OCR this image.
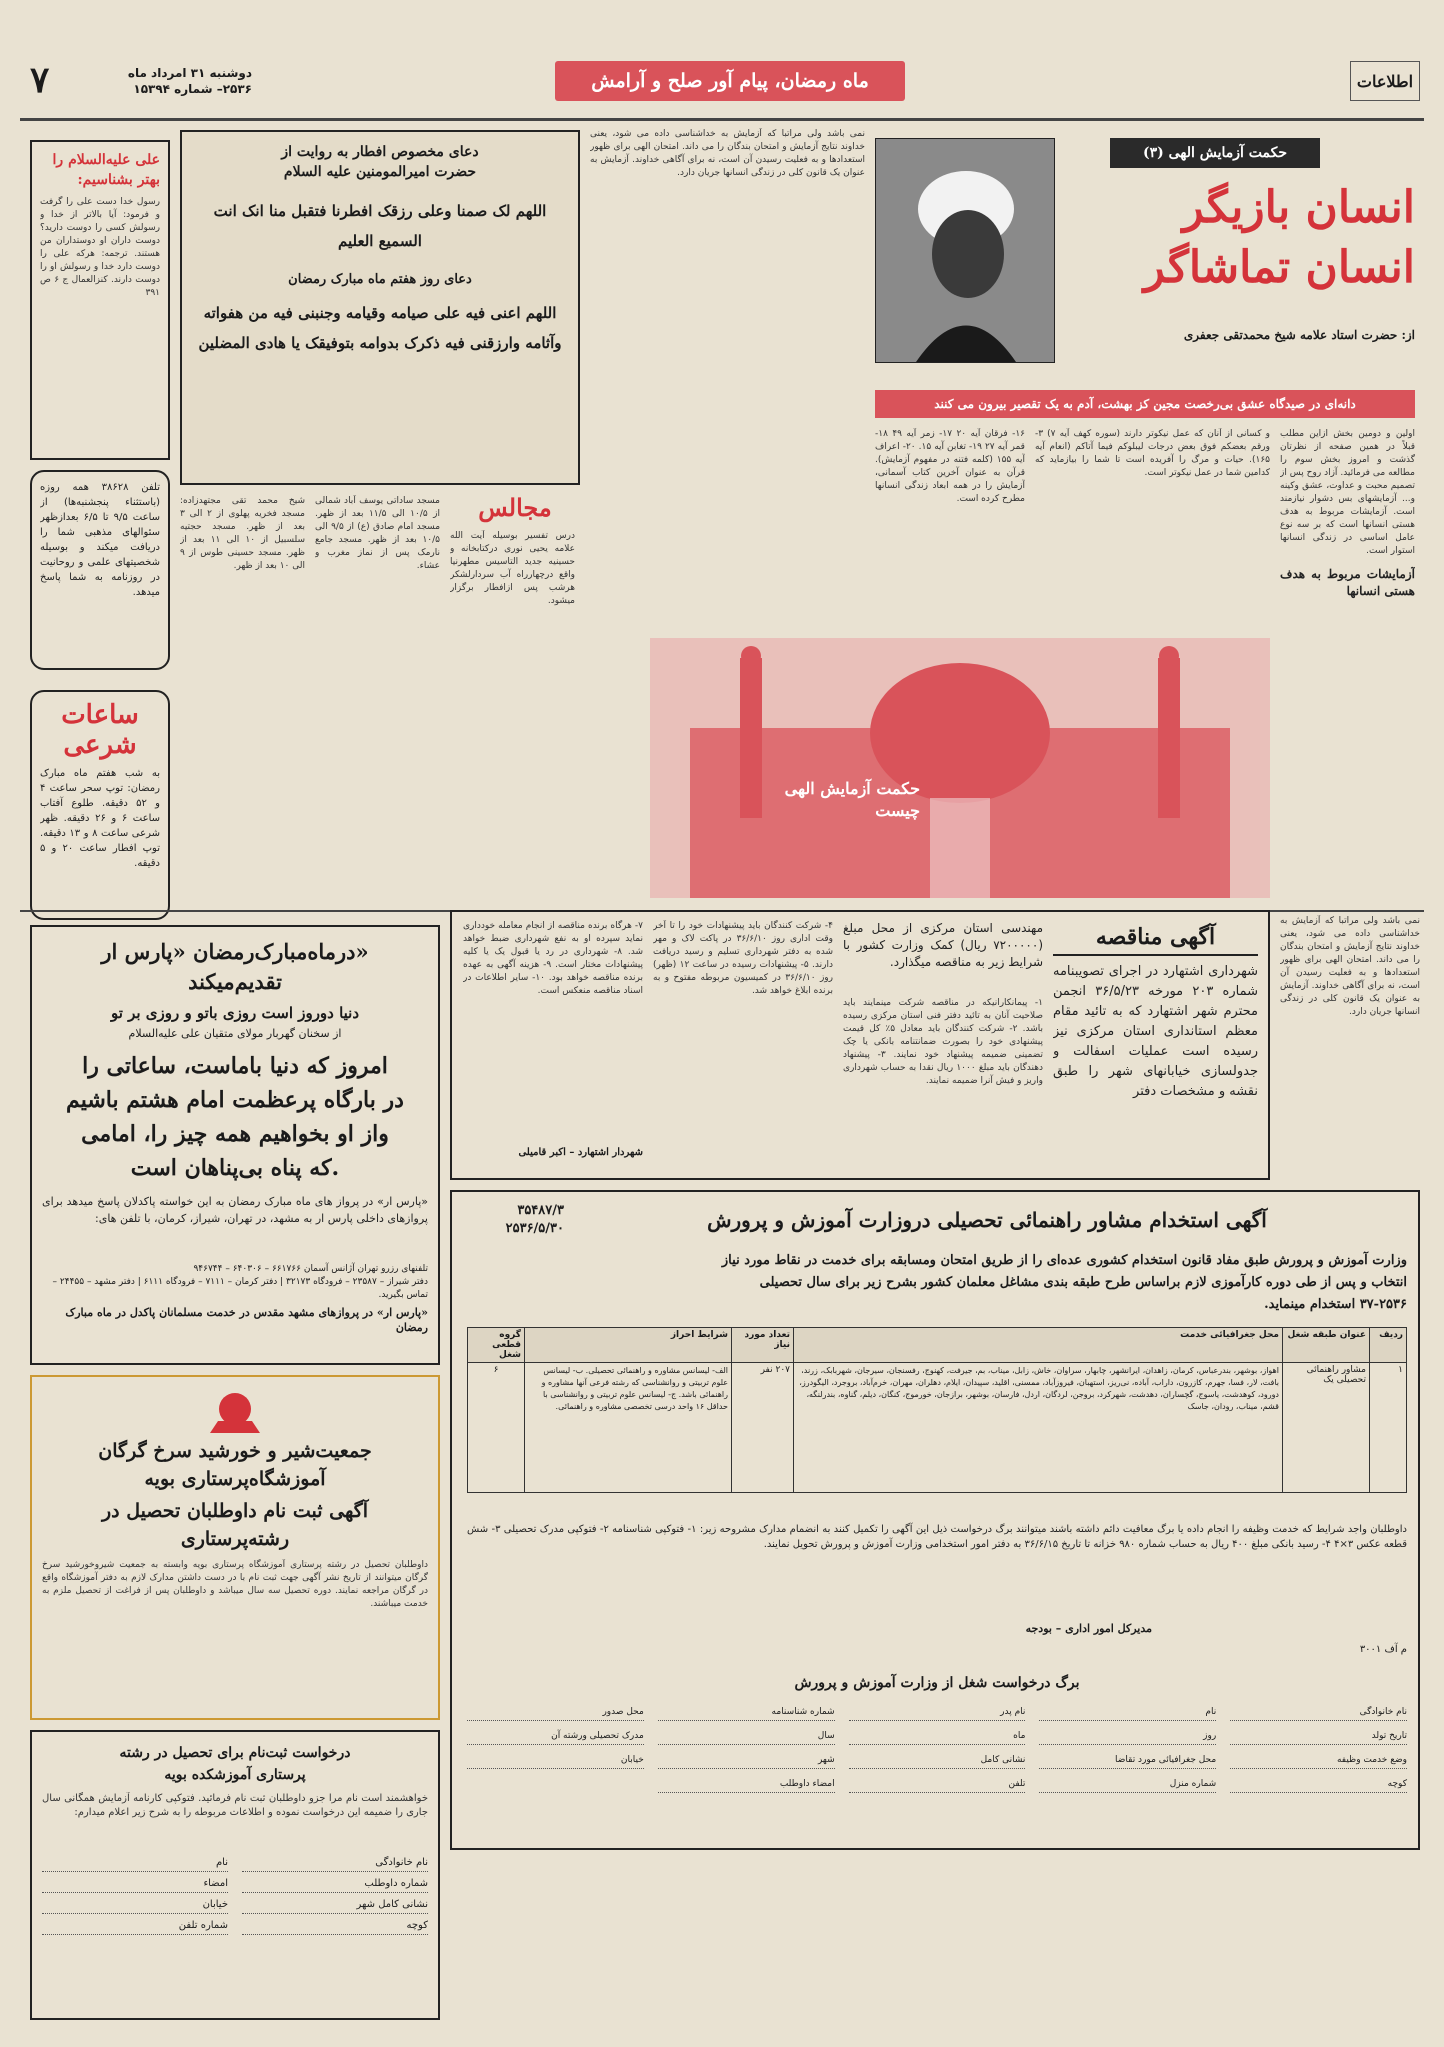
۷	دوشنبه ۳۱ امرداد ماه
۲۵۳۶– شماره ۱۵۳۹۴	ماه رمضان، پیام آور صلح و آرامش	اطلاعات
علی علیه‌السلام را بهتر بشناسیم:
رسول خدا دست علی را گرفت و فرمود: آیا بالاتر از خدا و رسولش کسی را دوست دارید؟ دوست داران او دوستداران من هستند. ترجمه: هرکه علی را دوست دارد خدا و رسولش او را دوست دارند. کنزالعمال ج ۶ ص ۳۹۱
تلفن ۳۸۶۲۸ همه روزه (باستثناء پنجشنبه‌ها) از ساعت ۹/۵ تا ۶/۵ بعدازظهر سئوالهای مذهبی شما را دریافت میکند و بوسیله شخصیتهای علمی و روحانیت در روزنامه به شما پاسخ میدهد.
ساعات
شرعی
به شب هفتم ماه مبارک رمضان: توپ سحر ساعت ۴ و ۵۲ دقیقه. طلوع آفتاب ساعت ۶ و ۲۶ دقیقه. ظهر شرعی ساعت ۸ و ۱۳ دقیقه. توپ افطار ساعت ۲۰ و ۵ دقیقه.
دعای مخصوص افطار به روایت از
حضرت امیرالمومنین علیه السلام
اللهم لک صمنا وعلی رزقک افطرنا فتقبل منا انک انت السمیع العلیم
دعای روز هفتم ماه مبارک رمضان
اللهم اعنی فیه علی صیامه وقیامه وجنبنی فیه من هفواته وآثامه وارزقنی فیه ذکرک بدوامه بتوفیقک یا هادی المضلین
مجالس
درس تفسیر بوسیله آیت الله علامه یحیی نوری درکتابخانه و حسینیه جدید التاسیس مطهرنیا واقع درچهارراه آب سردارلشکر هرشب پس ازافطار برگزار میشود.
مسجد ساداتی یوسف آباد شمالی از ۱۰/۵ الی ۱۱/۵ بعد از ظهر. مسجد امام صادق (ع) از ۹/۵ الی ۱۰/۵ بعد از ظهر. مسجد جامع نارمک پس از نماز مغرب و عشاء.
شیخ محمد تقی مجتهدزاده: مسجد فخریه پهلوی از ۲ الی ۳ بعد از ظهر. مسجد حجتیه سلسبیل از ۱۰ الی ۱۱ بعد از ظهر. مسجد حسینی طوس از ۹ الی ۱۰ بعد از ظهر.
حکمت آزمایش الهی (۳)
انسان بازیگر
انسان تماشاگر
از: حضرت استاد علامه شیخ محمدتقی جعفری
دانه‌ای در صیدگاه عشق بی‌رخصت مجین کز بهشت، آدم به یک تقصیر بیرون می کنند
اولین و دومین بخش ازاین مطلب قبلاً در همین صفحه از نظرتان گذشت و امروز بخش سوم را مطالعه می فرمائید. آزاد روح پس از تصمیم محبت و عداوت، عشق وکینه و... آزمایشهای بس دشوار نیازمند است. آزمایشات مربوط به هدف هستی انسانها است که بر سه نوع عامل اساسی در زندگی انسانها استوار است.
آزمایشات مربوط به هدف هستی انسانها
و کسانی از آنان که عمل نیکوتر دارند (سوره کهف آیه ۷) ۳- ورقم بعضکم فوق بعض درجات لیبلوکم فیما آتاکم (انعام آیه ۱۶۵). حیات و مرگ را آفریده است تا شما را بیازماید که کدامین شما در عمل نیکوتر است.
۱۶- فرقان آیه ۲۰ ۱۷- زمر آیه ۴۹ ۱۸- قمر آیه ۲۷ ۱۹- تغابن آیه ۱۵. ۲۰- اعراف آیه ۱۵۵ (کلمه فتنه در مفهوم آزمایش). قرآن به عنوان آخرین کتاب آسمانی، آزمایش را در همه ابعاد زندگی انسانها مطرح کرده است.
حکمت آزمایش الهی چیست
نمی باشد ولی مراتبا که آزمایش به خداشناسی داده می شود، یعنی خداوند نتایج آزمایش و امتحان بندگان را می داند. امتحان الهی برای ظهور استعدادها و به فعلیت رسیدن آن است، نه برای آگاهی خداوند. آزمایش به عنوان یک قانون کلی در زندگی انسانها جریان دارد.
درماه‌مبارک‌رمضان «پارس ار»
تقدیم‌میکند
دنیا دوروز است روزی باتو و روزی بر تو
از سخنان گهربار مولای متقیان علی علیه‌السلام
امروز که دنیا باماست، ساعاتی را
در بارگاه پرعظمت امام هشتم باشیم
واز او بخواهیم همه چیز را، امامی
که پناه بی‌پناهان است.
«پارس ار» در پرواز های ماه مبارک رمضان به این خواسته پاکدلان پاسخ میدهد برای پروازهای داخلی پارس ار به مشهد، در تهران، شیراز، کرمان، با تلفن های:
تلفنهای رزرو تهران آژانس آسمان ۶۶۱۷۶۶ – ۶۴۰۳۰۶ – ۹۴۶۷۴۴
دفتر شیراز – ۲۳۵۸۷ – فرودگاه ۳۲۱۷۳ | دفتر کرمان – ۷۱۱۱ – فرودگاه ۶۱۱۱ | دفتر مشهد – ۲۴۴۵۵ – تماس بگیرید.
«پارس ار» در پروازهای مشهد مقدس در خدمت مسلمانان پاکدل در ماه مبارک رمضان
جمعیت‌شیر و خورشید سرخ گرگان
آموزشگاه‌پرستاری بویه
آگهی ثبت نام داوطلبان تحصیل در
رشته‌پرستاری
داوطلبان تحصیل در رشته پرستاری آموزشگاه پرستاری بویه وابسته به جمعیت شیروخورشید سرخ گرگان میتوانند از تاریخ نشر آگهی جهت ثبت نام با در دست داشتن مدارک لازم به دفتر آموزشگاه واقع در گرگان مراجعه نمایند. دوره تحصیل سه سال میباشد و داوطلبان پس از فراغت از تحصیل ملزم به خدمت میباشند.
درخواست ثبت‌نام برای تحصیل در رشته
پرستاری آموزشکده بویه
خواهشمند است نام مرا جزو داوطلبان ثبت نام فرمائید. فتوکپی کارنامه آزمایش همگانی سال جاری را ضمیمه این درخواست نموده و اطلاعات مربوطه را به شرح زیر اعلام میدارم:
نام خانوادگی
نام
شماره داوطلب
امضاء
نشانی کامل شهر
خیابان
کوچه
شماره تلفن
آگهی مناقصه
شهرداری اشتهارد در اجرای تصویبنامه شماره ۲۰۳ مورخه ۳۶/۵/۲۳ انجمن محترم شهر اشتهارد که به تائید مقام معظم استانداری استان مرکزی نیز رسیده است عملیات اسفالت و جدولسازی خیابانهای شهر را طبق نقشه و مشخصات دفتر
مهندسی استان مرکزی از محل مبلغ (۷۲۰۰۰۰۰ ریال) کمک وزارت کشور با شرایط زیر به مناقصه میگذارد.
۱- پیمانکارانیکه در مناقصه شرکت مینمایند باید صلاحیت آنان به تائید دفتر فنی استان مرکزی رسیده باشد. ۲- شرکت کنندگان باید معادل ۵٪ کل قیمت پیشنهادی خود را بصورت ضمانتنامه بانکی یا چک تضمینی ضمیمه پیشنهاد خود نمایند. ۳- پیشنهاد دهندگان باید مبلغ ۱۰۰۰ ریال نقدا به حساب شهرداری واریز و فیش آنرا ضمیمه نمایند.
۴- شرکت کنندگان باید پیشنهادات خود را تا آخر وقت اداری روز ۳۶/۶/۱۰ در پاکت لاک و مهر شده به دفتر شهرداری تسلیم و رسید دریافت دارند. ۵- پیشنهادات رسیده در ساعت ۱۲ (ظهر) روز ۳۶/۶/۱۰ در کمیسیون مربوطه مفتوح و به برنده ابلاغ خواهد شد.
۷- هرگاه برنده مناقصه از انجام معامله خودداری نماید سپرده او به نفع شهرداری ضبط خواهد شد. ۸- شهرداری در رد یا قبول یک یا کلیه پیشنهادات مختار است. ۹- هزینه آگهی به عهده برنده مناقصه خواهد بود. ۱۰- سایر اطلاعات در اسناد مناقصه منعکس است.
شهردار اشتهارد – اکبر قامیلی
نمی باشد ولی مراتبا که آزمایش به خداشناسی داده می شود، یعنی خداوند نتایج آزمایش و امتحان بندگان را می داند. امتحان الهی برای ظهور استعدادها و به فعلیت رسیدن آن است، نه برای آگاهی خداوند. آزمایش به عنوان یک قانون کلی در زندگی انسانها جریان دارد.
۳۵۴۸۷/۳
۲۵۳۶/۵/۳۰	آگهی استخدام مشاور راهنمائی تحصیلی دروزارت آموزش و پرورش
وزارت آموزش و پرورش طبق مفاد قانون استخدام کشوری عده‌ای را از طریق امتحان ومسابقه برای خدمت در نقاط مورد نیاز
انتخاب و پس از طی دوره کارآموزی لازم براساس طرح طبقه بندی مشاغل معلمان کشور بشرح زیر برای سال تحصیلی
۳۷-۲۵۳۶ استخدام مینماید.
ردیف	عنوان طبقه شغل	محل جغرافیائی خدمت	تعداد مورد نیاز	شرایط احراز	گروه قطعی شغل
۱	مشاور راهنمائی تحصیلی یک	اهواز، بوشهر، بندرعباس، کرمان، زاهدان، ایرانشهر، چابهار، سراوان، خاش، زابل، میناب، بم، جیرفت، کهنوج، رفسنجان، سیرجان، شهربابک، زرند، بافت، لار، فسا، جهرم، کازرون، داراب، آباده، نی‌ریز، استهبان، فیروزآباد، ممسنی، اقلید، سپیدان، ایلام، دهلران، مهران، خرم‌آباد، بروجرد، الیگودرز، دورود، کوهدشت، یاسوج، گچساران، دهدشت، شهرکرد، بروجن، لردگان، اردل، فارسان، بوشهر، برازجان، خورموج، کنگان، دیلم، گناوه، بندرلنگه، قشم، میناب، رودان، جاسک	۲۰۷ نفر	الف- لیسانس مشاوره و راهنمائی تحصیلی. ب- لیسانس علوم تربیتی و روانشناسی که رشته فرعی آنها مشاوره و راهنمائی باشد. ج- لیسانس علوم تربیتی و روانشناسی با حداقل ۱۶ واحد درسی تخصصی مشاوره و راهنمائی.	۶
داوطلبان واجد شرایط که خدمت وظیفه را انجام داده یا برگ معافیت دائم داشته باشند میتوانند برگ درخواست ذیل این آگهی را تکمیل کنند به انضمام مدارک مشروحه زیر: ۱- فتوکپی شناسنامه ۲- فتوکپی مدرک تحصیلی ۳- شش قطعه عکس ۳×۴ ۴- رسید بانکی مبلغ ۴۰۰ ریال به حساب شماره ۹۸۰ خزانه تا تاریخ ۳۶/۶/۱۵ به دفتر امور استخدامی وزارت آموزش و پرورش تحویل نمایند.
مدیرکل امور اداری – بودجه
م آف ۳۰۰۱
برگ درخواست شغل از وزارت آموزش و پرورش
نام خانوادگی
نام
نام پدر
شماره شناسنامه
محل صدور
تاریخ تولد
روز
ماه
سال
مدرک تحصیلی ورشته آن
وضع خدمت وظیفه
محل جغرافیائی مورد تقاضا
نشانی کامل
شهر
خیابان
کوچه
شماره منزل
تلفن
امضاء داوطلب
